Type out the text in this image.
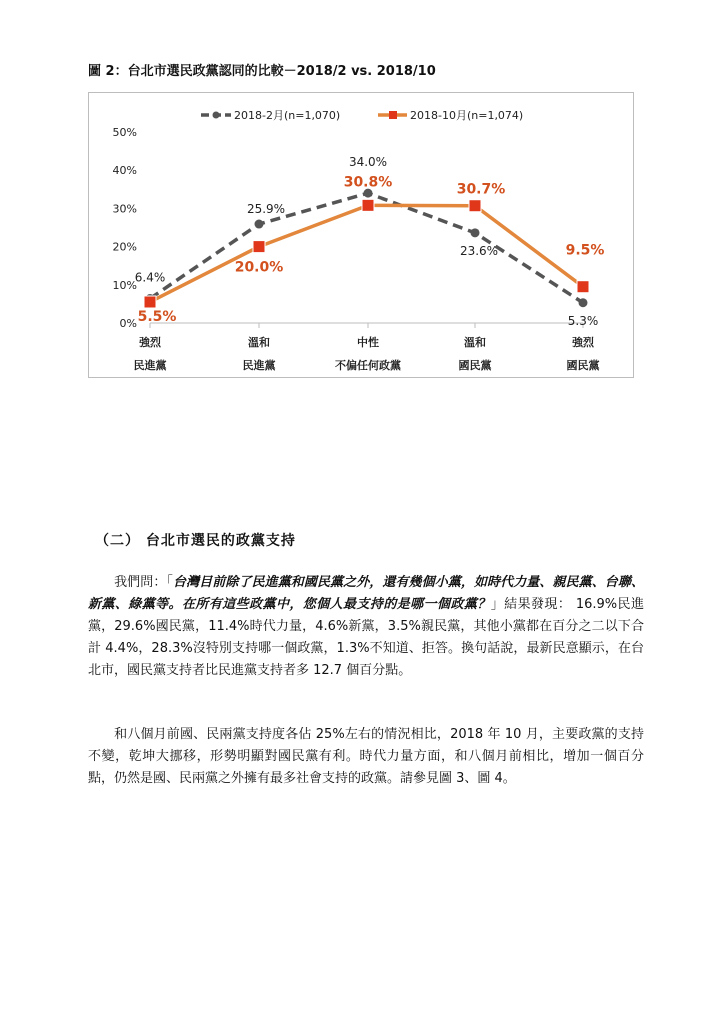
圖 2：台北市選民政黨認同的比較－2018/2 vs. 2018/10
0%
10%
20%
30%
40%
50%
強烈
民進黨
溫和
民進黨
中性
不偏任何政黨
溫和
國民黨
強烈
國民黨
2018-2月(n=1,070)	2018-10月(n=1,074)
6.4%
25.9%
34.0%
23.6%
5.3%
5.5%
20.0%
30.8%	30.7%
9.5%
（二） 台北市選民的政黨支持

我們問：「台灣目前除了民進黨和國民黨之外，還有幾個小黨，如時代力量、親民黨、台聯、新黨、綠黨等。在所有這些政黨中，您個人最支持的是哪一個政黨？」結果發現： 16.9%民進黨，29.6%國民黨，11.4%時代力量，4.6%新黨，3.5%親民黨，其他小黨都在百分之二以下合計 4.4%，28.3%沒特別支持哪一個政黨，1.3%不知道、拒答。換句話說，最新民意顯示，在台北市，國民黨支持者比民進黨支持者多 12.7 個百分點。

和八個月前國、民兩黨支持度各佔 25%左右的情況相比，2018 年 10 月，主要政黨的支持不變，乾坤大挪移，形勢明顯對國民黨有利。時代力量方面，和八個月前相比，增加一個百分點，仍然是國、民兩黨之外擁有最多社會支持的政黨。請參見圖 3、圖 4。
